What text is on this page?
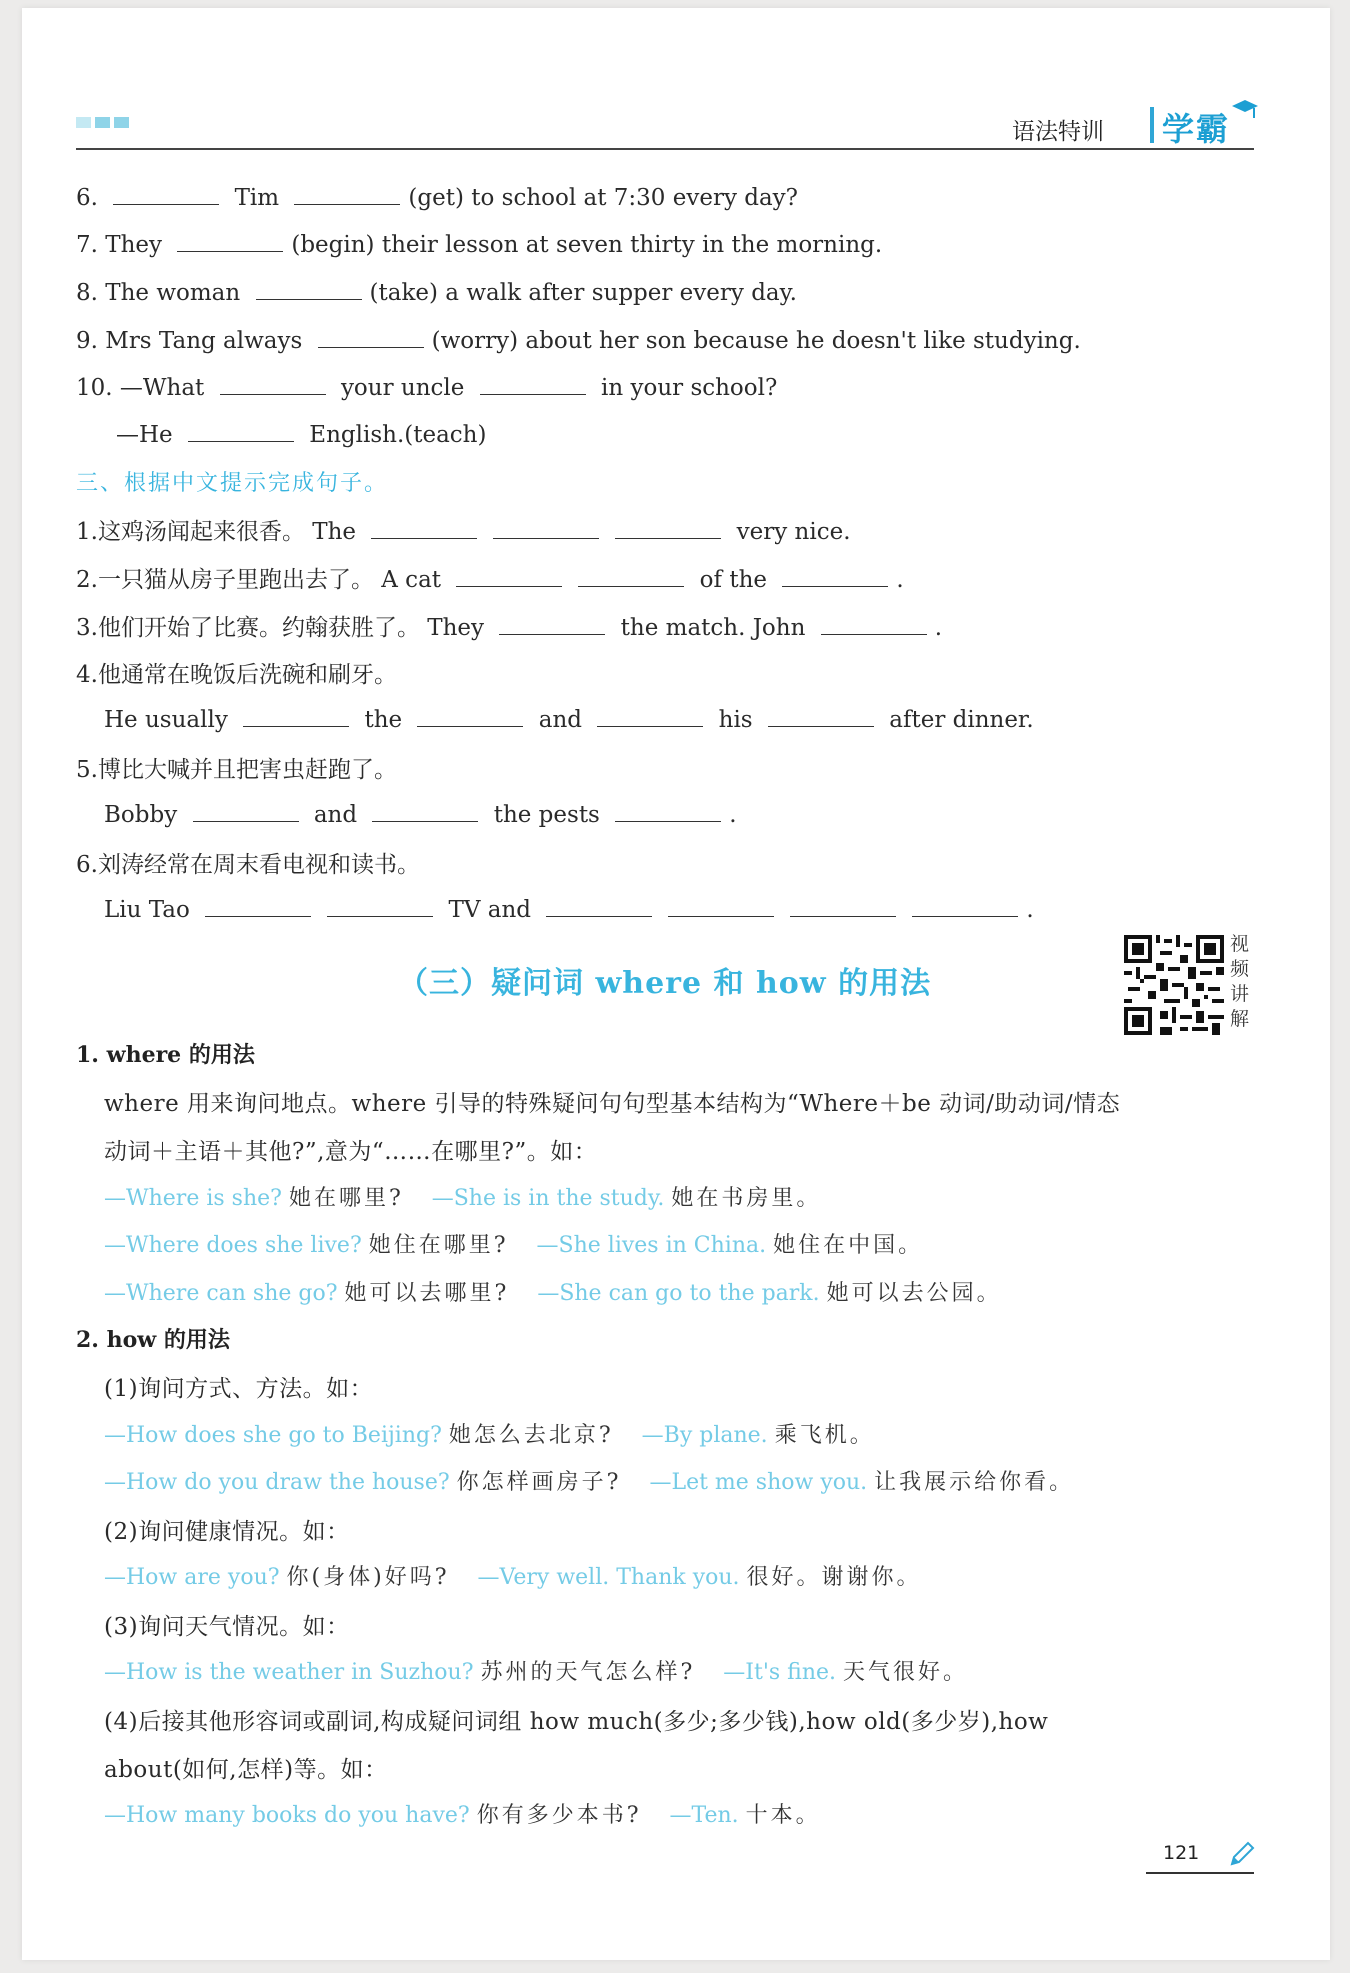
语法特训 学霸
6.	Tim	(get) to school at 7:30 every day?
7. They	(begin) their lesson at seven thirty in the morning.
8. The woman	(take) a walk after supper every day.
9. Mrs Tang always	(worry) about her son because he doesn't like studying.
10. —What	your uncle	in your school?
—He	English.(teach)
三、根据中文提示完成句子。
1.这鸡汤闻起来很香。 The	very nice.
2.一只猫从房子里跑出去了。 A cat	of the	.
3.他们开始了比赛。约翰获胜了。 They	the match. John	.
4.他通常在晚饭后洗碗和刷牙。
He usually	the	and	his	after dinner.
5.博比大喊并且把害虫赶跑了。
Bobby	and	the pests	.
6.刘涛经常在周末看电视和读书。
Liu Tao	TV and	.
（三）疑问词 where 和 how 的用法
视频讲解
1. where 的用法
where 用来询问地点。where 引导的特殊疑问句句型基本结构为“Where＋be 动词/助动词/情态
动词＋主语＋其他?”,意为“……在哪里?”。如：
—Where is she? 她在哪里? —She is in the study. 她在书房里。
—Where does she live? 她住在哪里? —She lives in China. 她住在中国。
—Where can she go? 她可以去哪里? —She can go to the park. 她可以去公园。
2. how 的用法
(1)询问方式、方法。如：
—How does she go to Beijing? 她怎么去北京? —By plane. 乘飞机。
—How do you draw the house? 你怎样画房子? —Let me show you. 让我展示给你看。
(2)询问健康情况。如：
—How are you? 你(身体)好吗? —Very well. Thank you. 很好。谢谢你。
(3)询问天气情况。如：
—How is the weather in Suzhou? 苏州的天气怎么样? —It's fine. 天气很好。
(4)后接其他形容词或副词,构成疑问词组 how much(多少;多少钱),how old(多少岁),how
about(如何,怎样)等。如：
—How many books do you have? 你有多少本书? —Ten. 十本。
121
